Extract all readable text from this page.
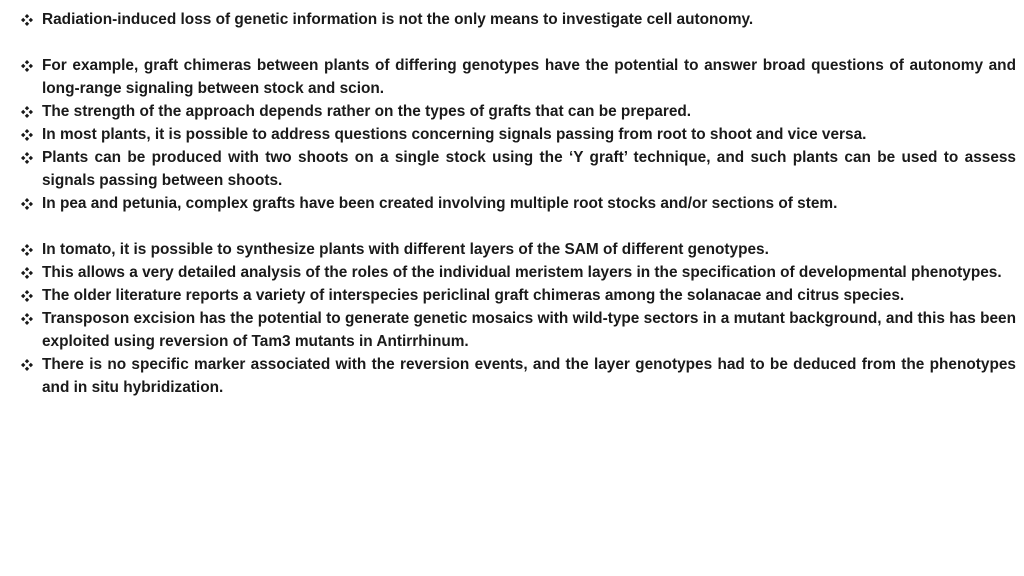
Radiation-induced loss of genetic information is not the only means to investigate cell autonomy.
For example, graft chimeras between plants of differing genotypes have the potential to answer broad questions of autonomy and long-range signaling between stock and scion.
The strength of the approach depends rather on the types of grafts that can be prepared.
In most plants, it is possible to address questions concerning signals passing from root to shoot and vice versa.
Plants can be produced with two shoots on a single stock using the ‘Y graft’ technique, and such plants can be used to assess signals passing between shoots.
In pea and petunia, complex grafts have been created involving multiple root stocks and/or sections of stem.
In tomato, it is possible to synthesize plants with different layers of the SAM of different genotypes.
This allows a very detailed analysis of the roles of the individual meristem layers in the specification of developmental phenotypes.
The older literature reports a variety of interspecies periclinal graft chimeras among the solanacae and citrus species.
Transposon excision has the potential to generate genetic mosaics with wild-type sectors in a mutant background, and this has been exploited using reversion of Tam3 mutants in Antirrhinum.
There is no specific marker associated with the reversion events, and the layer genotypes had to be deduced from the phenotypes and in situ hybridization.
